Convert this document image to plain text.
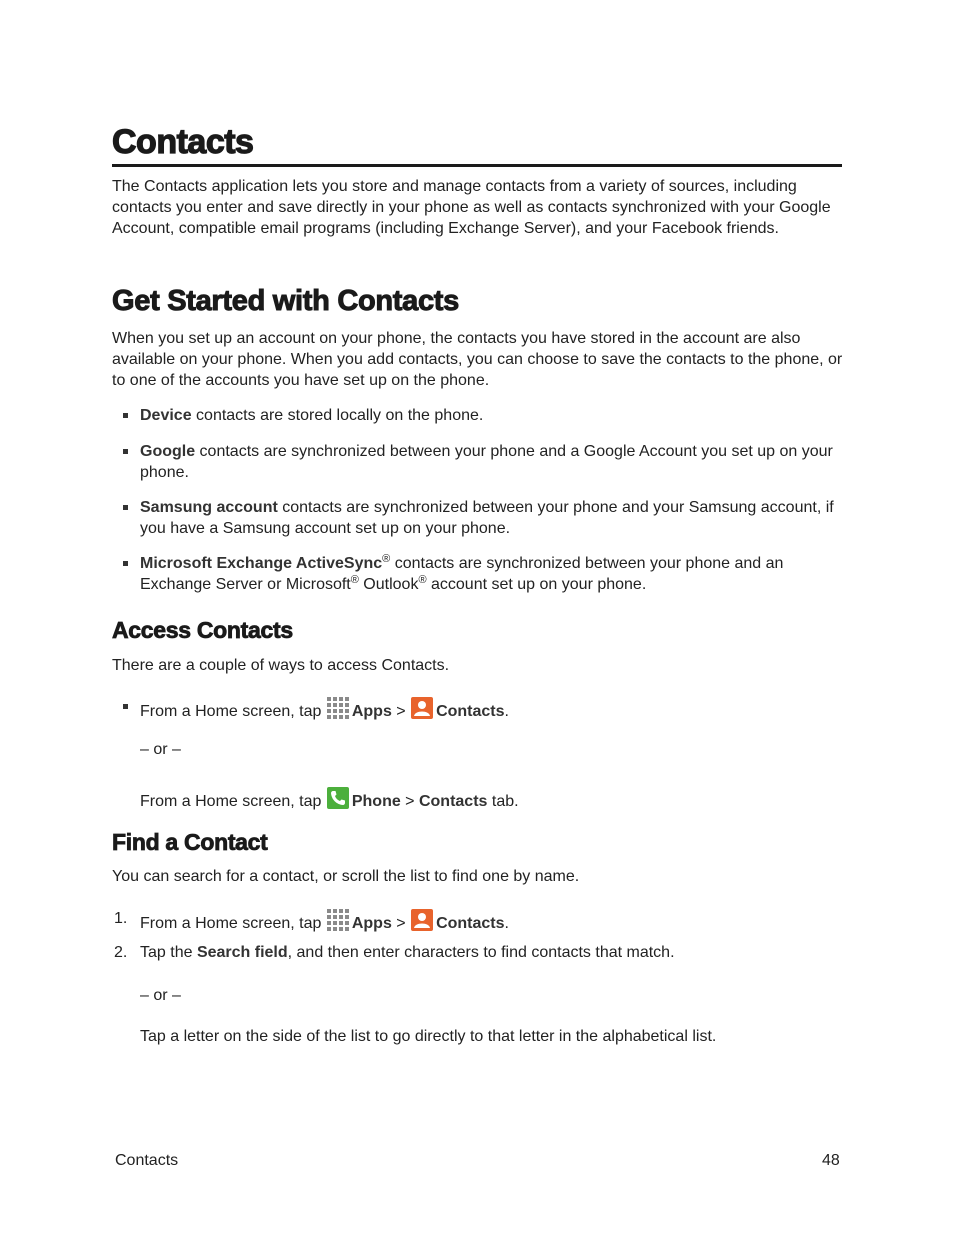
Contacts
The Contacts application lets you store and manage contacts from a variety of sources, including contacts you enter and save directly in your phone as well as contacts synchronized with your Google Account, compatible email programs (including Exchange Server), and your Facebook friends.
Get Started with Contacts
When you set up an account on your phone, the contacts you have stored in the account are also available on your phone. When you add contacts, you can choose to save the contacts to the phone, or to one of the accounts you have set up on the phone.
Device contacts are stored locally on the phone.
Google contacts are synchronized between your phone and a Google Account you set up on your phone.
Samsung account contacts are synchronized between your phone and your Samsung account, if you have a Samsung account set up on your phone.
Microsoft Exchange ActiveSync® contacts are synchronized between your phone and an Exchange Server or Microsoft® Outlook® account set up on your phone.
Access Contacts
There are a couple of ways to access Contacts.
From a Home screen, tap Apps > Contacts.
– or –
From a Home screen, tap Phone > Contacts tab.
Find a Contact
You can search for a contact, or scroll the list to find one by name.
1. From a Home screen, tap Apps > Contacts.
2. Tap the Search field, and then enter characters to find contacts that match.
– or –
Tap a letter on the side of the list to go directly to that letter in the alphabetical list.
Contacts	48
